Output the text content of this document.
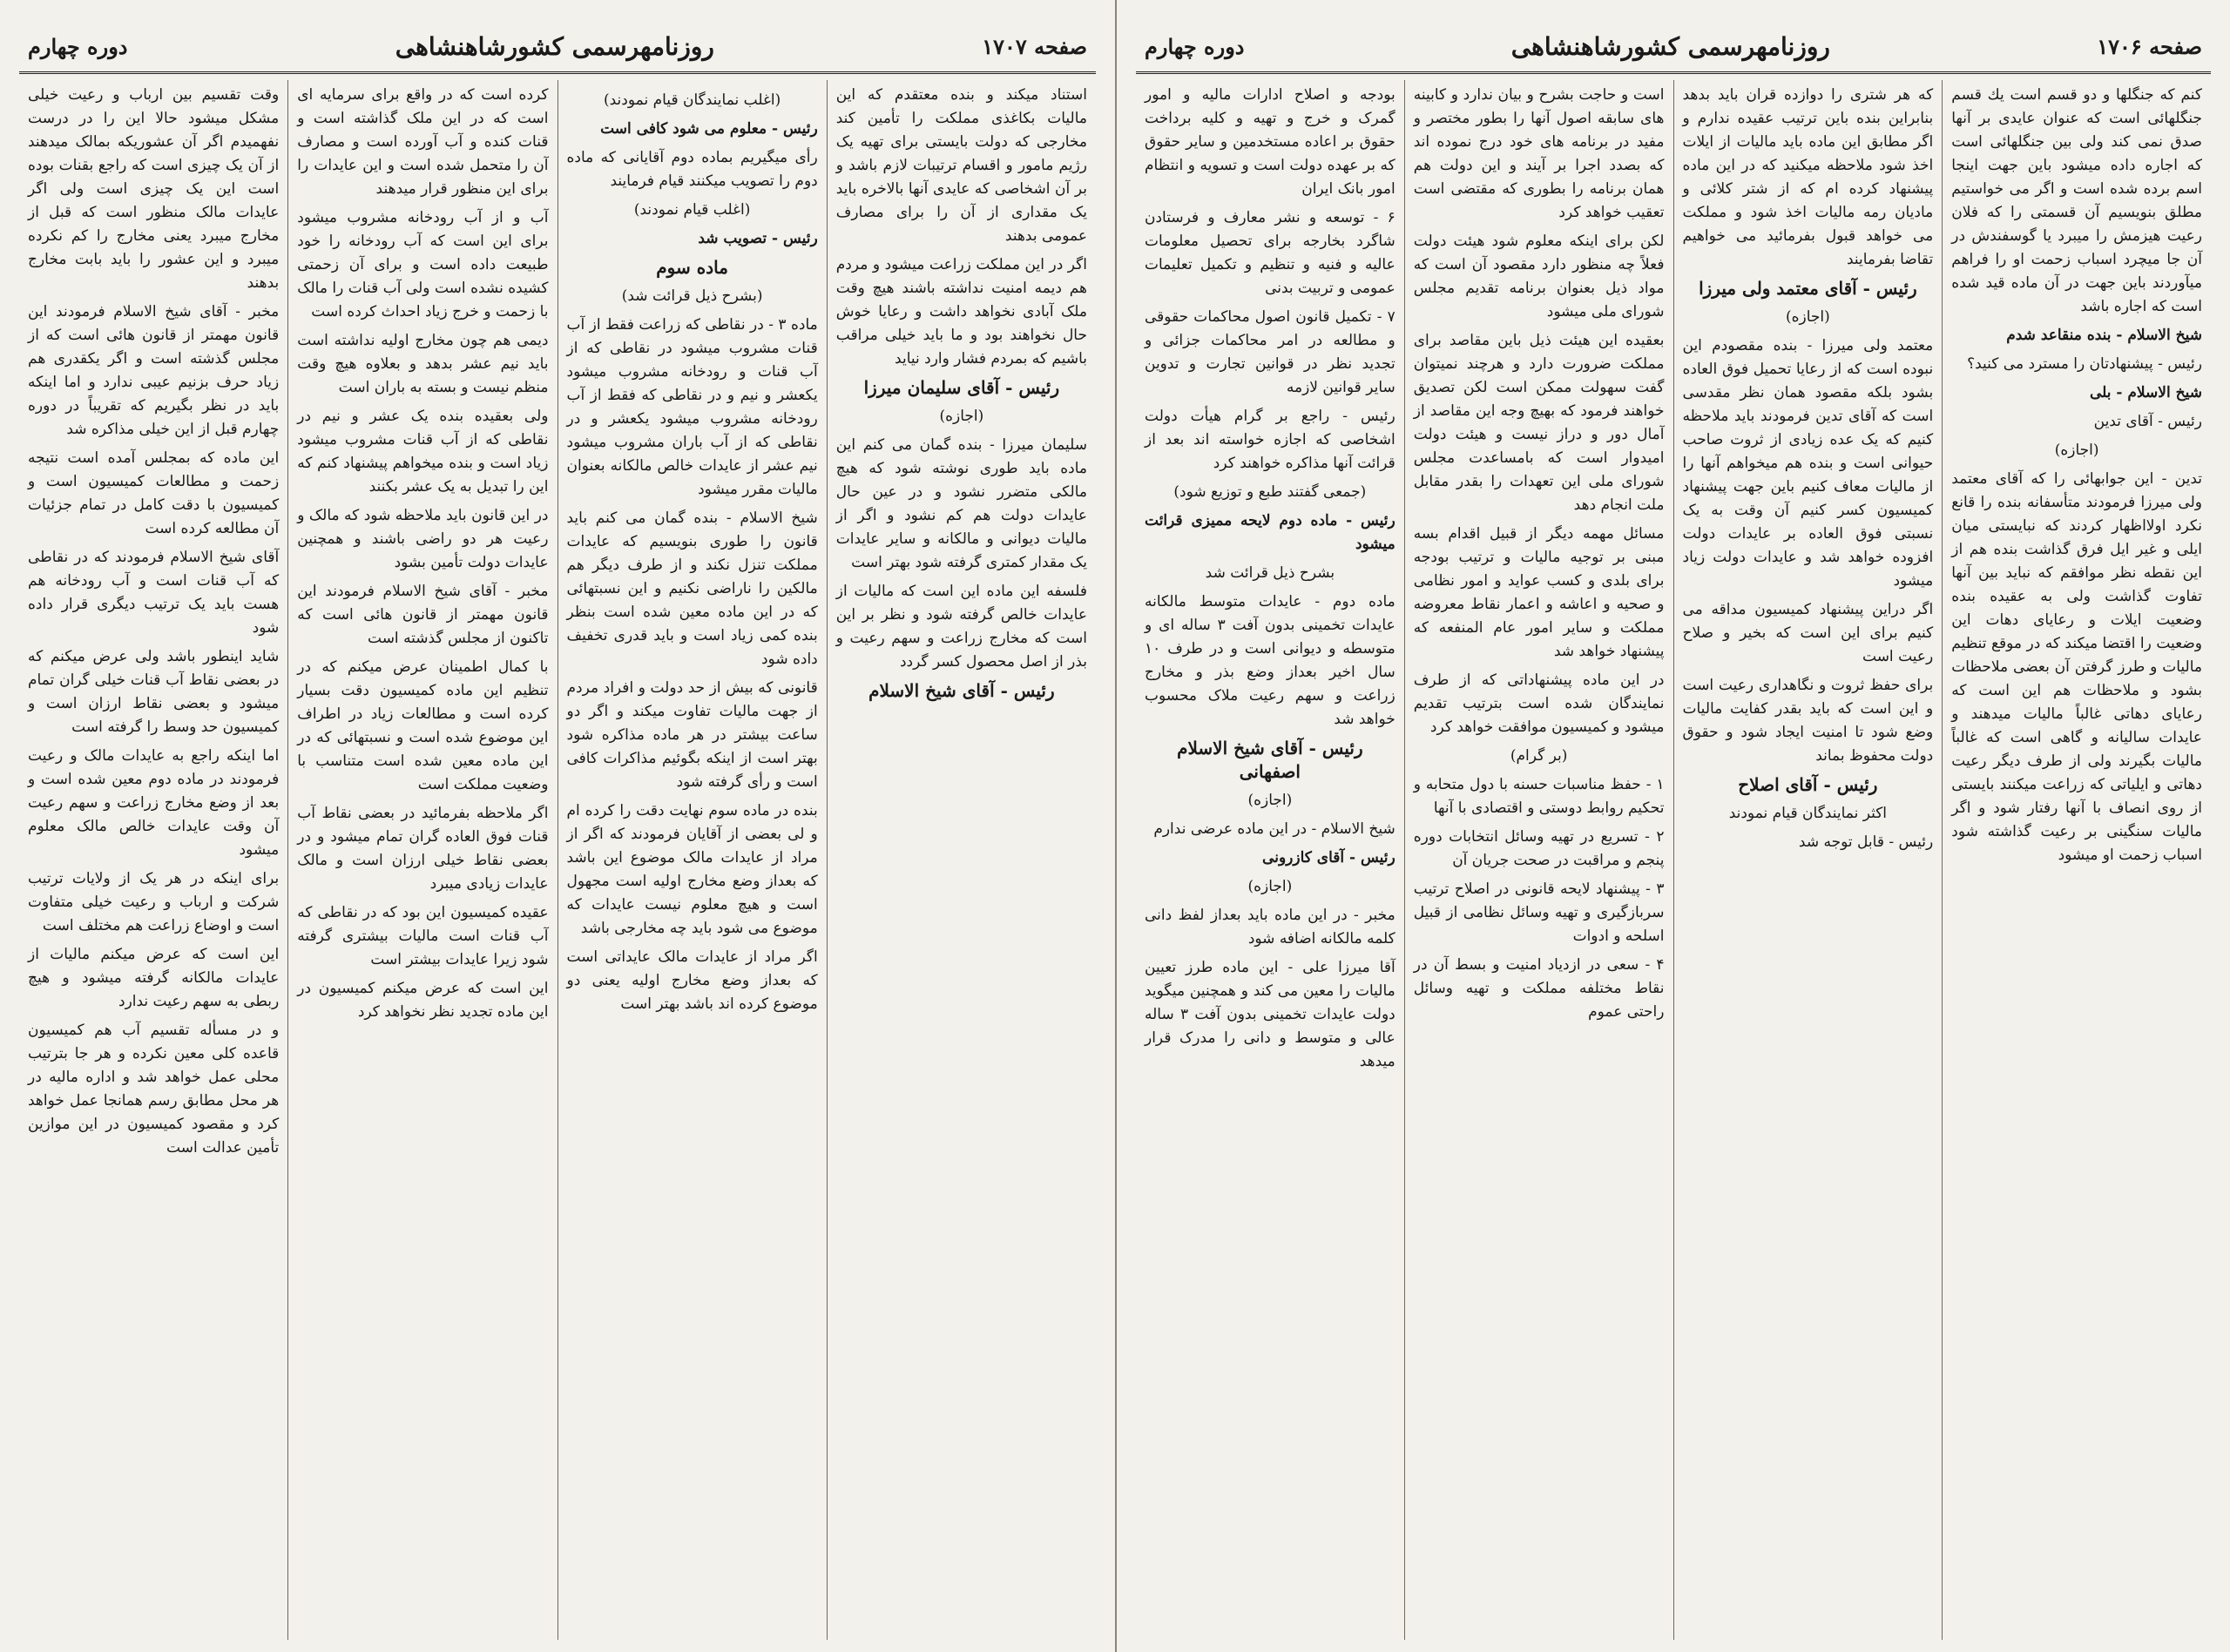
صفحه ۱۷۰۷
روزنامهرسمی کشورشاهنشاهی
دوره چهارم

استناد میکند و بنده معتقدم که این مالیات بکاغذی مملکت را تأمین کند مخارجی که دولت بایستی برای تهیه یک رژیم مامور و اقسام ترتیبات لازم باشد و بر آن اشخاصی که عایدی آنها بالاخره باید یک مقداری از آن را برای مصارف عمومی بدهند

اگر در این مملکت زراعت میشود و مردم هم دیمه امنیت نداشته باشند هیچ وقت ملک آبادی نخواهد داشت و رعایا خوش حال نخواهند بود و ما باید خیلی مراقب باشیم که بمردم فشار وارد نیاید

رئیس - آقای سلیمان میرزا
(اجازه)

سلیمان میرزا - بنده گمان می کنم این ماده باید طوری نوشته شود که هیچ مالکی متضرر نشود و در عین حال عایدات دولت هم کم نشود و اگر از مالیات دیوانی و مالکانه و سایر عایدات یک مقدار کمتری گرفته شود بهتر است

فلسفه این ماده این است که مالیات از عایدات خالص گرفته شود و نظر بر این است که مخارج زراعت و سهم رعیت و بذر از اصل محصول کسر گردد

رئیس - آقای شیخ الاسلام
(اغلب نمایندگان قیام نمودند)

رئیس - معلوم می شود کافی است

رأی میگیریم بماده دوم آقایانی که ماده دوم را تصویب میکنند قیام فرمایند

(اغلب قیام نمودند)

رئیس - تصویب شد

ماده سوم
(بشرح ذیل قرائت شد)

ماده ۳ - در نقاطی که زراعت فقط از آب قنات مشروب میشود در نقاطی که از آب قنات و رودخانه مشروب میشود یکعشر و نیم و در نقاطی که فقط از آب رودخانه مشروب میشود یکعشر و در نقاطی که از آب باران مشروب میشود نیم عشر از عایدات خالص مالکانه بعنوان مالیات مقرر میشود

شیخ الاسلام - بنده گمان می کنم باید قانون را طوری بنویسیم که عایدات مملکت تنزل نکند و از طرف دیگر هم مالکین را ناراضی نکنیم و این نسبتهائی که در این ماده معین شده است بنظر بنده کمی زیاد است و باید قدری تخفیف داده شود

قانونی که بیش از حد دولت و افراد مردم از جهت مالیات تفاوت میکند و اگر دو ساعت بیشتر در هر ماده مذاکره شود بهتر است از اینکه بگوئیم مذاکرات کافی است و رأی گرفته شود

بنده در ماده سوم نهایت دقت را کرده ام و لی بعضی از آقایان فرمودند که اگر از مراد از عایدات مالک موضوع این باشد که بعداز وضع مخارج اولیه است مجهول است و هیچ معلوم نیست عایدات که موضوع می شود باید چه مخارجی باشد

اگر مراد از عایدات مالک عایداتی است که بعداز وضع مخارج اولیه یعنی دو موضوع کرده اند باشد بهتر است

کرده است که در واقع برای سرمایه ای است که در این ملک گذاشته است و قنات کنده و آب آورده است و مصارف آن را متحمل شده است و این عایدات را برای این منظور قرار میدهند

آب و از آب رودخانه مشروب میشود برای این است که آب رودخانه را خود طبیعت داده است و برای آن زحمتی کشیده نشده است ولی آب قنات را مالک با زحمت و خرج زیاد احداث کرده است

دیمی هم چون مخارج اولیه نداشته است باید نیم عشر بدهد و بعلاوه هیچ وقت منظم نیست و بسته به باران است

ولی بعقیده بنده یک عشر و نیم در نقاطی که از آب قنات مشروب میشود زیاد است و بنده میخواهم پیشنهاد کنم که این را تبدیل به یک عشر بکنند

در این قانون باید ملاحظه شود که مالک و رعیت هر دو راضی باشند و همچنین عایدات دولت تأمین بشود

مخبر - آقای شیخ الاسلام فرمودند این قانون مهمتر از قانون هائی است که تاکنون از مجلس گذشته است

با کمال اطمینان عرض میکنم که در تنظیم این ماده کمیسیون دقت بسیار کرده است و مطالعات زیاد در اطراف این موضوع شده است و نسبتهائی که در این ماده معین شده است متناسب با وضعیت مملکت است

اگر ملاحظه بفرمائید در بعضی نقاط آب قنات فوق العاده گران تمام میشود و در بعضی نقاط خیلی ارزان است و مالک عایدات زیادی میبرد

عقیده کمیسیون این بود که در نقاطی که آب قنات است مالیات بیشتری گرفته شود زیرا عایدات بیشتر است

این است که عرض میکنم کمیسیون در این ماده تجدید نظر نخواهد کرد

وقت تقسیم بین ارباب و رعیت خیلی مشکل میشود حالا این را در درست نفهمیدم اگر آن عشوریکه بمالک میدهند از آن یک چیزی است که راجع بقنات بوده است این یک چیزی است ولی اگر عایدات مالک منظور است که قبل از مخارج میبرد یعنی مخارج را کم نکرده میبرد و این عشور را باید بابت مخارج بدهند

مخبر - آقای شیخ الاسلام فرمودند این قانون مهمتر از قانون هائی است که از مجلس گذشته است و اگر یکقدری هم زیاد حرف بزنیم عیبی ندارد و اما اینکه باید در نظر بگیریم که تقریباً در دوره چهارم قبل از این خیلی مذاکره شد

این ماده که بمجلس آمده است نتیجه زحمت و مطالعات کمیسیون است و کمیسیون با دقت کامل در تمام جزئیات آن مطالعه کرده است

آقای شیخ الاسلام فرمودند که در نقاطی که آب قنات است و آب رودخانه هم هست باید یک ترتیب دیگری قرار داده شود

شاید اینطور باشد ولی عرض میکنم که در بعضی نقاط آب قنات خیلی گران تمام میشود و بعضی نقاط ارزان است و کمیسیون حد وسط را گرفته است

اما اینکه راجع به عایدات مالک و رعیت فرمودند در ماده دوم معین شده است و بعد از وضع مخارج زراعت و سهم رعیت آن وقت عایدات خالص مالک معلوم میشود

برای اینکه در هر یک از ولایات ترتیب شرکت و ارباب و رعیت خیلی متفاوت است و اوضاع زراعت هم مختلف است

این است که عرض میکنم مالیات از عایدات مالکانه گرفته میشود و هیچ ربطی به سهم رعیت ندارد

و در مسأله تقسیم آب هم کمیسیون قاعده کلی معین نکرده و هر جا بترتیب محلی عمل خواهد شد و اداره مالیه در هر محل مطابق رسم همانجا عمل خواهد کرد و مقصود کمیسیون در این موازین تأمین عدالت است

صفحه ۱۷۰۶
روزنامهرسمی کشورشاهنشاهی
دوره چهارم

کنم که جنگلها و دو قسم است یك قسم جنگلهائی است که عنوان عایدی بر آنها صدق نمی کند ولی بین جنگلهائی است که اجاره داده میشود باین جهت اینجا اسم برده شده است و اگر می خواستیم مطلق بنویسیم آن قسمتی را که فلان رعیت هیزمش را میبرد یا گوسفندش در آن جا میچرد اسباب زحمت او را فراهم میآوردند باین جهت در آن ماده قید شده است که اجاره باشد

شیخ الاسلام - بنده منقاعد شدم

رئیس - پیشنهادتان را مسترد می کنید؟

شیخ الاسلام - بلی

رئیس - آقای تدین

(اجازه)

تدین - این جوابهائی را که آقای معتمد ولی میرزا فرمودند متأسفانه بنده را قانع نکرد اولااظهار کردند که نبایستی میان ایلی و غیر ایل فرق گذاشت بنده هم از این نقطه نظر موافقم که نباید بین آنها تفاوت گذاشت ولی به عقیده بنده وضعیت ایلات و رعایای دهات این وضعیت را اقتضا میکند که در موقع تنظیم مالیات و طرز گرفتن آن بعضی ملاحظات بشود و ملاحظات هم این است که رعایای دهاتی غالباً مالیات میدهند و عایدات سالیانه و گاهی است که غالباً مالیات بگیرند ولی از طرف دیگر رعیت دهاتی و ایلیاتی که زراعت میکنند بایستی از روی انصاف با آنها رفتار شود و اگر مالیات سنگینی بر رعیت گذاشته شود اسباب زحمت او میشود

که هر شتری را دوازده قران باید بدهد بنابراین بنده باین ترتیب عقیده ندارم و اگر مطابق این ماده باید مالیات از ایلات اخذ شود ملاحظه میکنید که در این ماده پیشنهاد کرده ام که از شتر کلائی و مادیان رمه مالیات اخذ شود و مملکت می خواهد قبول بفرمائید می خواهیم تقاضا بفرمایند

رئیس - آقای معتمد ولی میرزا
(اجازه)

معتمد ولی میرزا - بنده مقصودم این نبوده است که از رعایا تحمیل فوق العاده بشود بلکه مقصود همان نظر مقدسی است که آقای تدین فرمودند باید ملاحظه کنیم که یک عده زیادی از ثروت صاحب حیوانی است و بنده هم میخواهم آنها را از مالیات معاف کنیم باین جهت پیشنهاد کمیسیون کسر کنیم آن وقت به یک نسبتی فوق العاده بر عایدات دولت افزوده خواهد شد و عایدات دولت زیاد میشود

اگر دراین پیشنهاد کمیسیون مداقه می کنیم برای این است که بخیر و صلاح رعیت است

برای حفظ ثروت و نگاهداری رعیت است و این است که باید بقدر کفایت مالیات وضع شود تا امنیت ایجاد شود و حقوق دولت محفوظ بماند

رئیس - آقای اصلاح
اکثر نمایندگان قیام نمودند

رئیس - قابل توجه شد

است و حاجت بشرح و بیان ندارد و کابینه های سابقه اصول آنها را بطور مختصر و مفید در برنامه های خود درج نموده اند که بصدد اجرا بر آیند و این دولت هم همان برنامه را بطوری که مقتضی است تعقیب خواهد کرد

لکن برای اینکه معلوم شود هیئت دولت فعلاً چه منظور دارد مقصود آن است که مواد ذیل بعنوان برنامه تقدیم مجلس شورای ملی میشود

بعقیده این هیئت ذیل باین مقاصد برای مملکت ضرورت دارد و هرچند نمیتوان گفت سهولت ممکن است لکن تصدیق خواهند فرمود که بهیچ وجه این مقاصد از آمال دور و دراز نیست و هیئت دولت امیدوار است که بامساعدت مجلس شورای ملی این تعهدات را بقدر مقابل ملت انجام دهد

مسائل مهمه دیگر از قبیل اقدام بسه مبنی بر توجیه مالیات و ترتیب بودجه برای بلدی و کسب عواید و امور نظامی و صحیه و اعاشه و اعمار نقاط معروضه مملکت و سایر امور عام المنفعه که پیشنهاد خواهد شد

در این ماده پیشنهاداتی که از طرف نمایندگان شده است بترتیب تقدیم میشود و کمیسیون موافقت خواهد کرد

(بر گرام)

۱ - حفظ مناسبات حسنه با دول متحابه و تحکیم روابط دوستی و اقتصادی با آنها

۲ - تسریع در تهیه وسائل انتخابات دوره پنجم و مراقبت در صحت جریان آن

۳ - پیشنهاد لایحه قانونی در اصلاح ترتیب سربازگیری و تهیه وسائل نظامی از قبیل اسلحه و ادوات

۴ - سعی در ازدیاد امنیت و بسط آن در نقاط مختلفه مملکت و تهیه وسائل راحتی عموم

بودجه و اصلاح ادارات مالیه و امور گمرک و خرج و تهیه و کلیه برداخت حقوق بر اعاده مستخدمین و سایر حقوق که بر عهده دولت است و تسویه و انتظام امور بانک ایران

۶ - توسعه و نشر معارف و فرستادن شاگرد بخارجه برای تحصیل معلومات عالیه و فنیه و تنظیم و تکمیل تعلیمات عمومی و تربیت بدنی

۷ - تکمیل قانون اصول محاکمات حقوقی و مطالعه در امر محاکمات جزائی و تجدید نظر در قوانین تجارت و تدوین سایر قوانین لازمه

رئیس - راجع بر گرام هیأت دولت اشخاصی که اجازه خواسته اند بعد از قرائت آنها مذاکره خواهند کرد

(جمعی گفتند طبع و توزیع شود)

رئیس - ماده دوم لایحه ممیزی قرائت میشود

بشرح ذیل قرائت شد

ماده دوم - عایدات متوسط مالکانه عایدات تخمینی بدون آفت ۳ ساله ای و متوسطه و دیوانی است و در طرف ۱۰ سال اخیر بعداز وضع بذر و مخارج زراعت و سهم رعیت ملاک محسوب خواهد شد

رئیس - آقای شیخ الاسلام اصفهانی
(اجازه)

شیخ الاسلام - در این ماده عرضی ندارم

رئیس - آقای کازرونی

(اجازه)

مخبر - در این ماده باید بعداز لفظ دانی کلمه مالکانه اضافه شود

آقا میرزا علی - این ماده طرز تعیین مالیات را معین می کند و همچنین میگوید دولت عایدات تخمینی بدون آفت ۳ ساله عالی و متوسط و دانی را مدرک قرار میدهد
